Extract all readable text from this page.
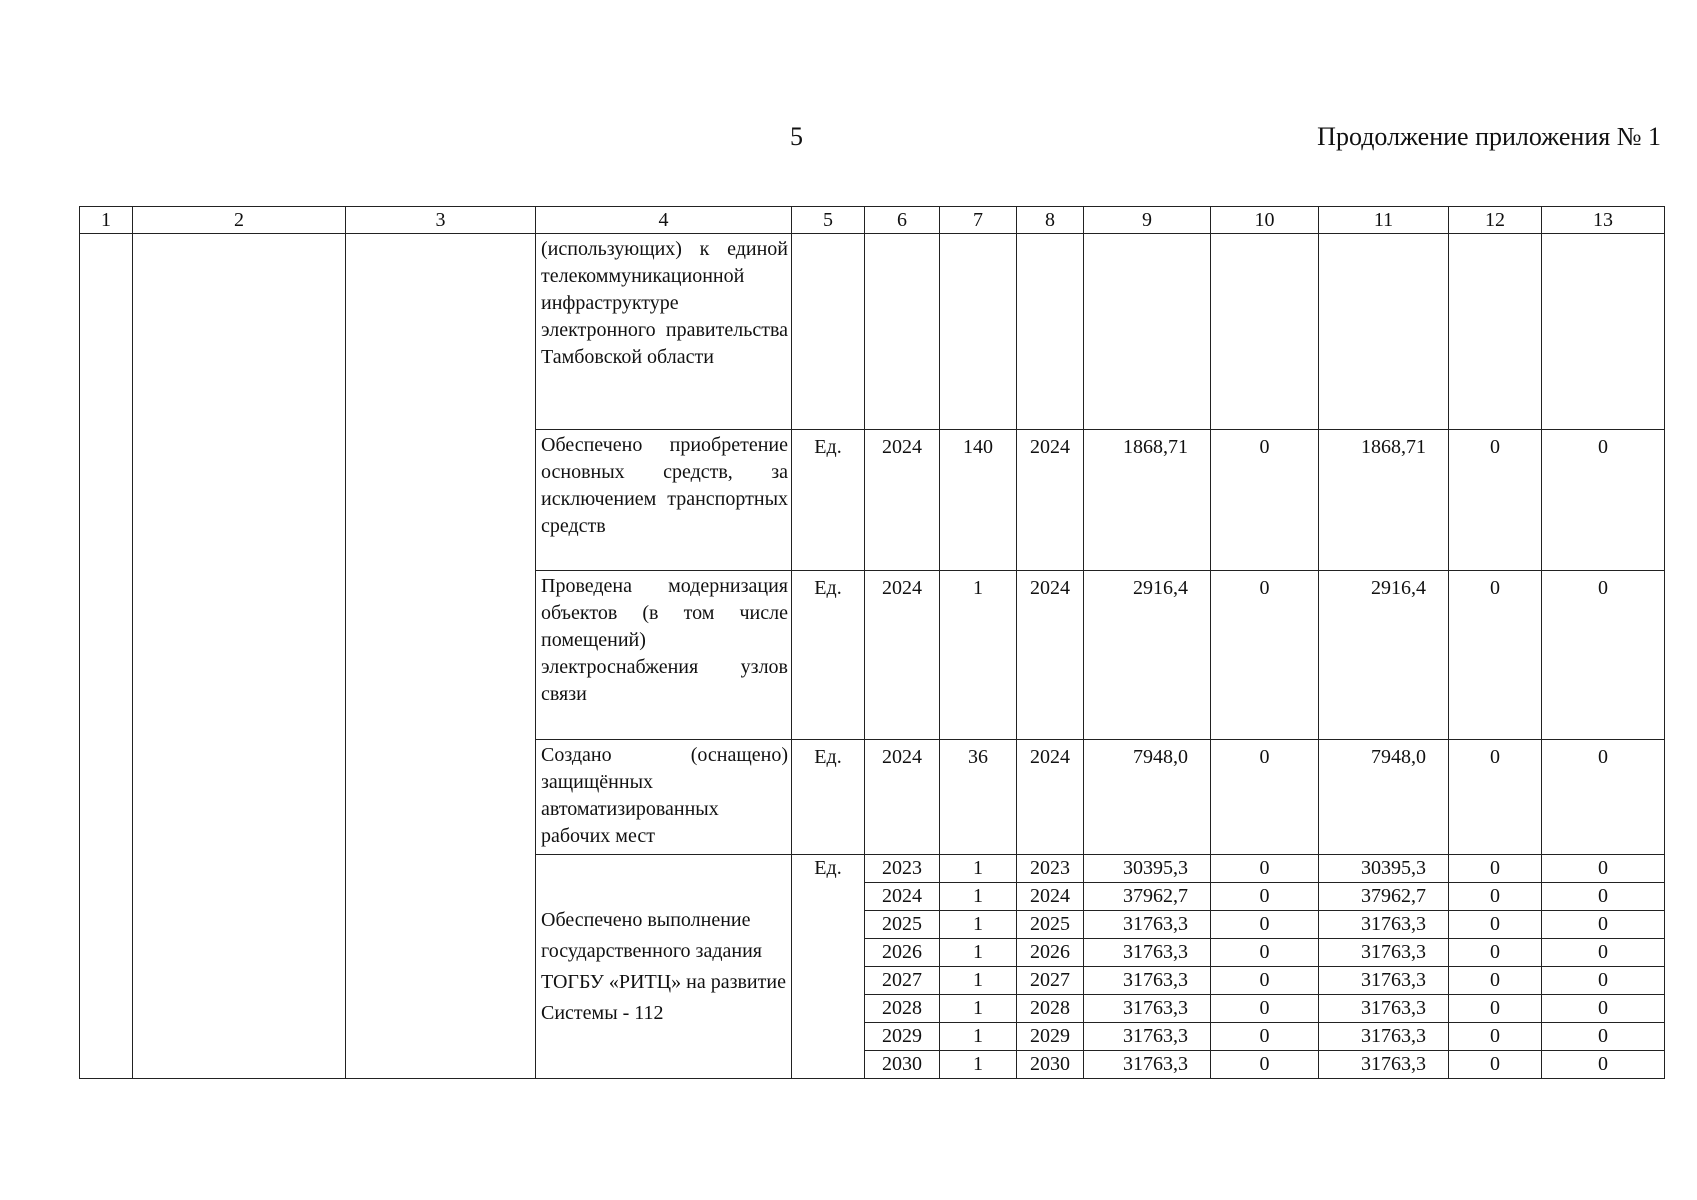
5	Продолжение приложения № 1
1	2	3	4	5	6	7	8	9	10	11	12	13
			(использующих) к единой телекоммуникационной инфраструктуре электронного правительства Тамбовской области									
			Обеспечено приобретение основных средств, за исключением транспортных средств	Ед.	2024	140	2024	1868,71	0	1868,71	0	0
			Проведена модернизация объектов (в том числе помещений) электроснабжения узлов связи	Ед.	2024	1	2024	2916,4	0	2916,4	0	0
			Создано (оснащено) защищённых автоматизированных рабочих мест	Ед.	2024	36	2024	7948,0	0	7948,0	0	0
			Обеспечено выполнение государственного задания ТОГБУ «РИТЦ» на развитие Системы - 112	Ед.	2023	1	2023	30395,3	0	30395,3	0	0
					2024	1	2024	37962,7	0	37962,7	0	0
					2025	1	2025	31763,3	0	31763,3	0	0
					2026	1	2026	31763,3	0	31763,3	0	0
					2027	1	2027	31763,3	0	31763,3	0	0
					2028	1	2028	31763,3	0	31763,3	0	0
					2029	1	2029	31763,3	0	31763,3	0	0
					2030	1	2030	31763,3	0	31763,3	0	0
